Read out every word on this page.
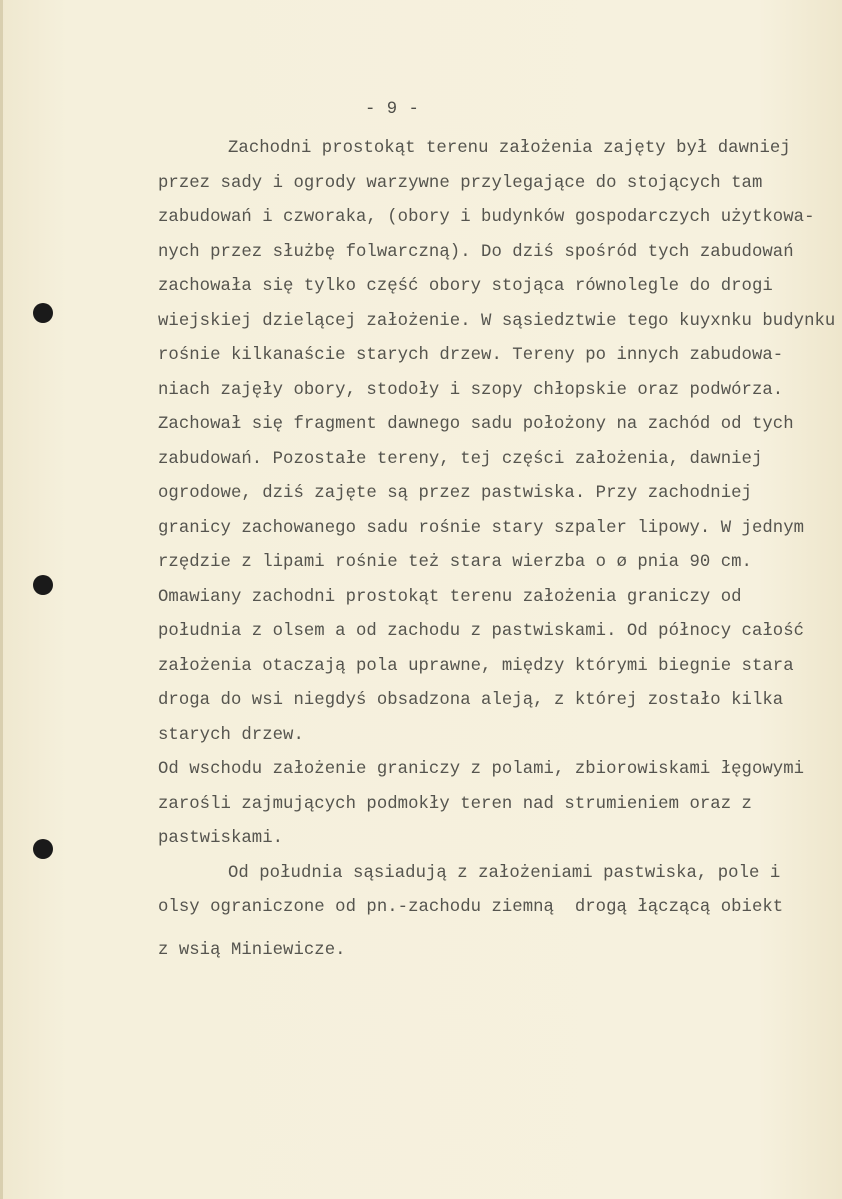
- 9 -
Zachodni prostokąt terenu założenia zajęty był dawniej
przez sady i ogrody warzywne przylegające do stojących tam
zabudowań i czworaka, (obory i budynków gospodarczych użytkowa-
nych przez służbę folwarczną). Do dziś spośród tych zabudowań
zachowała się tylko część obory stojąca równolegle do drogi
wiejskiej dzielącej założenie. W sąsiedztwie tego kuyxnku budynku
rośnie kilkanaście starych drzew. Tereny po innych zabudowa-
niach zajęły obory, stodoły i szopy chłopskie oraz podwórza.
Zachował się fragment dawnego sadu położony na zachód od tych
zabudowań. Pozostałe tereny, tej części założenia, dawniej
ogrodowe, dziś zajęte są przez pastwiska. Przy zachodniej
granicy zachowanego sadu rośnie stary szpaler lipowy. W jednym
rzędzie z lipami rośnie też stara wierzba o ø pnia 90 cm.
Omawiany zachodni prostokąt terenu założenia graniczy od
południa z olsem a od zachodu z pastwiskami. Od północy całość
założenia otaczają pola uprawne, między którymi biegnie stara
droga do wsi niegdyś obsadzona aleją, z której zostało kilka
starych drzew.
Od wschodu założenie graniczy z polami, zbiorowiskami łęgowymi
zarośli zajmujących podmokły teren nad strumieniem oraz z
pastwiskami.
Od południa sąsiadują z założeniami pastwiska, pole i
olsy ograniczone od pn.-zachodu ziemną  drogą łączącą obiekt
z wsią Miniewicze.
